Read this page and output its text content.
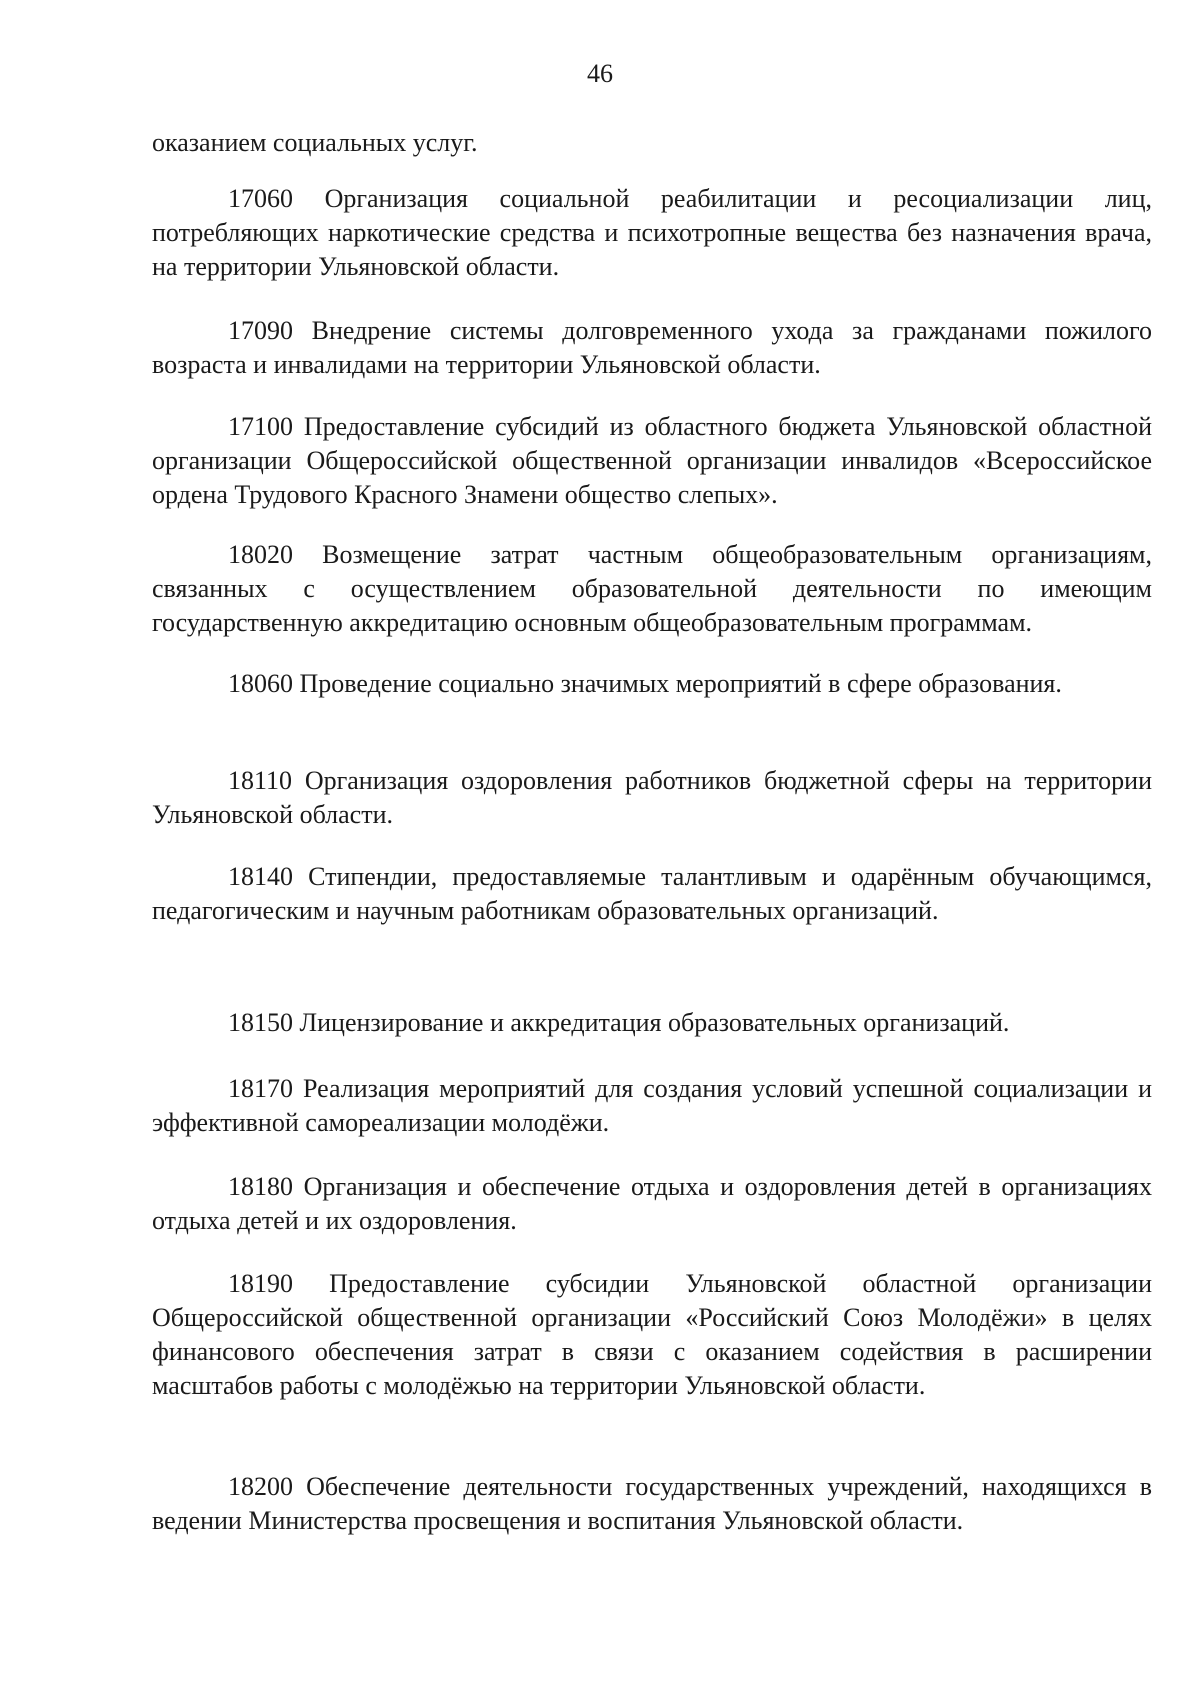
46
оказанием социальных услуг.

17060 Организация социальной реабилитации и ресоциализации лиц, потребляющих наркотические средства и психотропные вещества без назначения врача, на территории Ульяновской области.

17090 Внедрение системы долговременного ухода за гражданами пожилого возраста и инвалидами на территории Ульяновской области.

17100 Предоставление субсидий из областного бюджета Ульяновской областной организации Общероссийской общественной организации инвалидов «Всероссийское ордена Трудового Красного Знамени общество слепых».

18020 Возмещение затрат частным общеобразовательным организациям, связанных с осуществлением образовательной деятельности по имеющим государственную аккредитацию основным общеобразовательным программам.

18060 Проведение социально значимых мероприятий в сфере образования.

18110 Организация оздоровления работников бюджетной сферы на территории Ульяновской области.

18140 Стипендии, предоставляемые талантливым и одарённым обучающимся, педагогическим и научным работникам образовательных организаций.

18150 Лицензирование и аккредитация образовательных организаций.

18170 Реализация мероприятий для создания условий успешной социализации и эффективной самореализации молодёжи.

18180 Организация и обеспечение отдыха и оздоровления детей в организациях отдыха детей и их оздоровления.

18190 Предоставление субсидии Ульяновской областной организации Общероссийской общественной организации «Российский Союз Молодёжи» в целях финансового обеспечения затрат в связи с оказанием содействия в расширении масштабов работы с молодёжью на территории Ульяновской области.

18200 Обеспечение деятельности государственных учреждений, находящихся в ведении Министерства просвещения и воспитания Ульяновской области.
